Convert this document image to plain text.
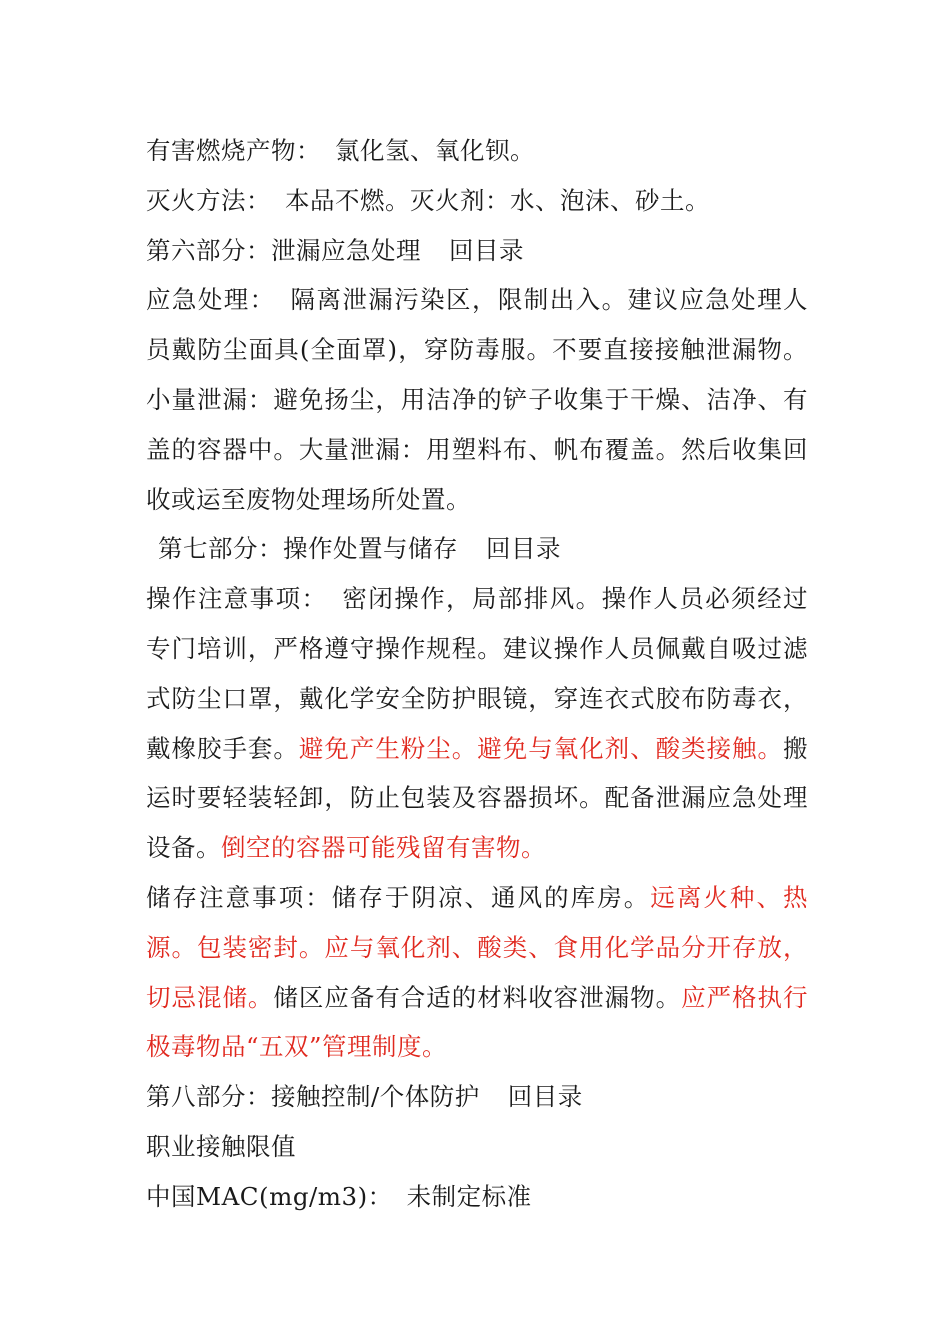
有害燃烧产物： 氯化氢、氧化钡。

灭火方法： 本品不燃。灭火剂：水、泡沫、砂土。

第六部分：泄漏应急处理 回目录

应急处理： 隔离泄漏污染区，限制出入。建议应急处理人员戴防尘面具(全面罩)，穿防毒服。不要直接接触泄漏物。小量泄漏：避免扬尘，用洁净的铲子收集于干燥、洁净、有盖的容器中。大量泄漏：用塑料布、帆布覆盖。然后收集回收或运至废物处理场所处置。

第七部分：操作处置与储存 回目录

操作注意事项： 密闭操作，局部排风。操作人员必须经过专门培训，严格遵守操作规程。建议操作人员佩戴自吸过滤式防尘口罩，戴化学安全防护眼镜，穿连衣式胶布防毒衣，戴橡胶手套。避免产生粉尘。避免与氧化剂、酸类接触。搬运时要轻装轻卸，防止包装及容器损坏。配备泄漏应急处理设备。倒空的容器可能残留有害物。

储存注意事项：储存于阴凉、通风的库房。远离火种、热源。包装密封。应与氧化剂、酸类、食用化学品分开存放，切忌混储。储区应备有合适的材料收容泄漏物。应严格执行极毒物品“五双”管理制度。

第八部分：接触控制/个体防护 回目录

职业接触限值

中国MAC(mg/m3)： 未制定标准
